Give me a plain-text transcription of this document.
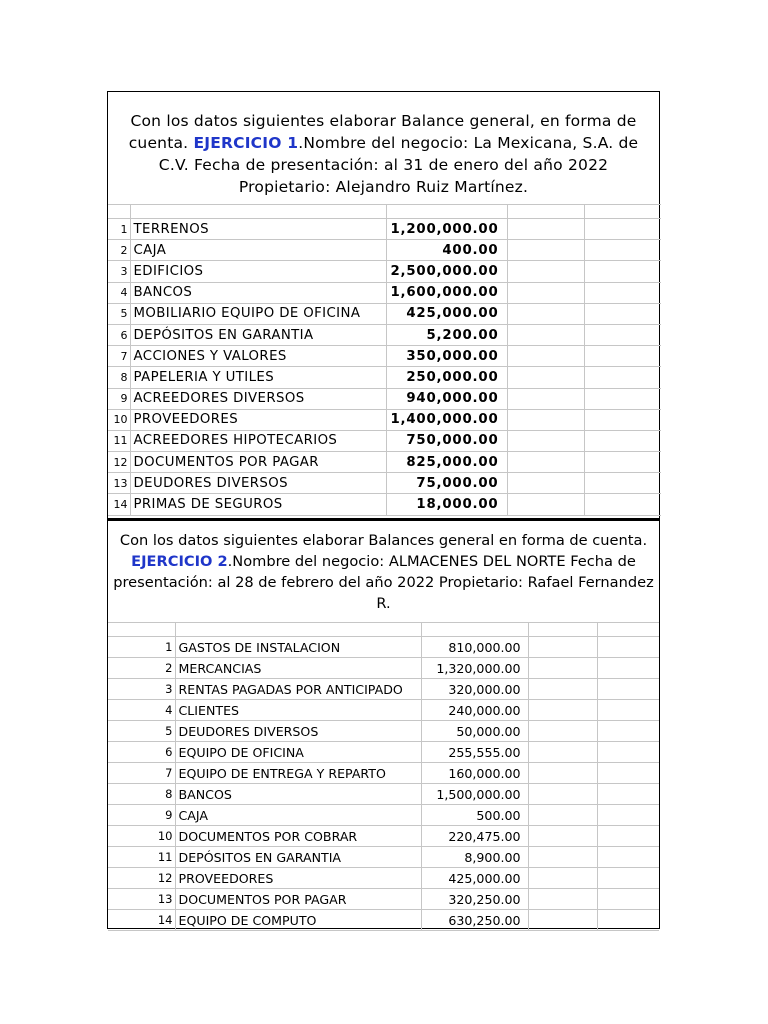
Con los datos siguientes elaborar Balance general, en forma de cuenta. EJERCICIO 1.Nombre del negocio: La Mexicana, S.A. de C.V. Fecha de presentación: al 31 de enero del año 2022 Propietario: Alejandro Ruiz Martínez.

1	TERRENOS	1,200,000.00		
2	CAJA	400.00		
3	EDIFICIOS	2,500,000.00		
4	BANCOS	1,600,000.00		
5	MOBILIARIO EQUIPO DE OFICINA	425,000.00		
6	DEPÓSITOS EN GARANTIA	5,200.00		
7	ACCIONES Y VALORES	350,000.00		
8	PAPELERIA Y UTILES	250,000.00		
9	ACREEDORES DIVERSOS	940,000.00		
10	PROVEEDORES	1,400,000.00		
11	ACREEDORES HIPOTECARIOS	750,000.00		
12	DOCUMENTOS POR PAGAR	825,000.00		
13	DEUDORES DIVERSOS	75,000.00		
14	PRIMAS DE SEGUROS	18,000.00		
Con los datos siguientes elaborar Balances general en forma de cuenta. EJERCICIO 2.Nombre del negocio: ALMACENES DEL NORTE Fecha de presentación: al 28 de febrero del año 2022 Propietario: Rafael Fernandez R.

1	GASTOS DE INSTALACION	810,000.00		
2	MERCANCIAS	1,320,000.00		
3	RENTAS PAGADAS POR ANTICIPADO	320,000.00		
4	CLIENTES	240,000.00		
5	DEUDORES DIVERSOS	50,000.00		
6	EQUIPO DE OFICINA	255,555.00		
7	EQUIPO DE ENTREGA Y REPARTO	160,000.00		
8	BANCOS	1,500,000.00		
9	CAJA	500.00		
10	DOCUMENTOS POR COBRAR	220,475.00		
11	DEPÓSITOS EN GARANTIA	8,900.00		
12	PROVEEDORES	425,000.00		
13	DOCUMENTOS POR PAGAR	320,250.00		
14	EQUIPO DE COMPUTO	630,250.00		
